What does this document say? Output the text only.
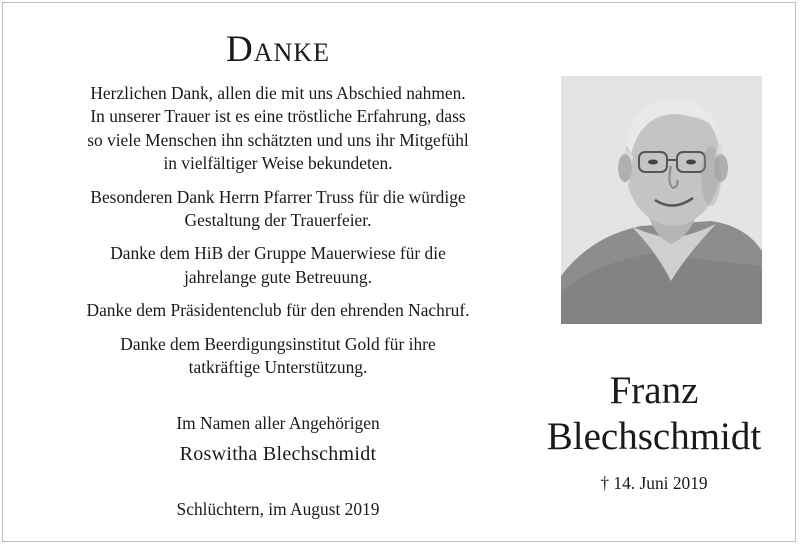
Danke

Herzlichen Dank, allen die mit uns Abschied nahmen.
In unserer Trauer ist es eine tröstliche Erfahrung, dass
so viele Menschen ihn schätzten und uns ihr Mitgefühl
in vielfältiger Weise bekundeten.

Besonderen Dank Herrn Pfarrer Truss für die würdige
Gestaltung der Trauerfeier.

Danke dem HiB der Gruppe Mauerwiese für die
jahrelange gute Betreuung.

Danke dem Präsidentenclub für den ehrenden Nachruf.

Danke dem Beerdigungsinstitut Gold für ihre
tatkräftige Unterstützung.

Im Namen aller Angehörigen
Roswitha Blechschmidt
Schlüchtern, im August 2019
Franz
Blechschmidt
† 14. Juni 2019
